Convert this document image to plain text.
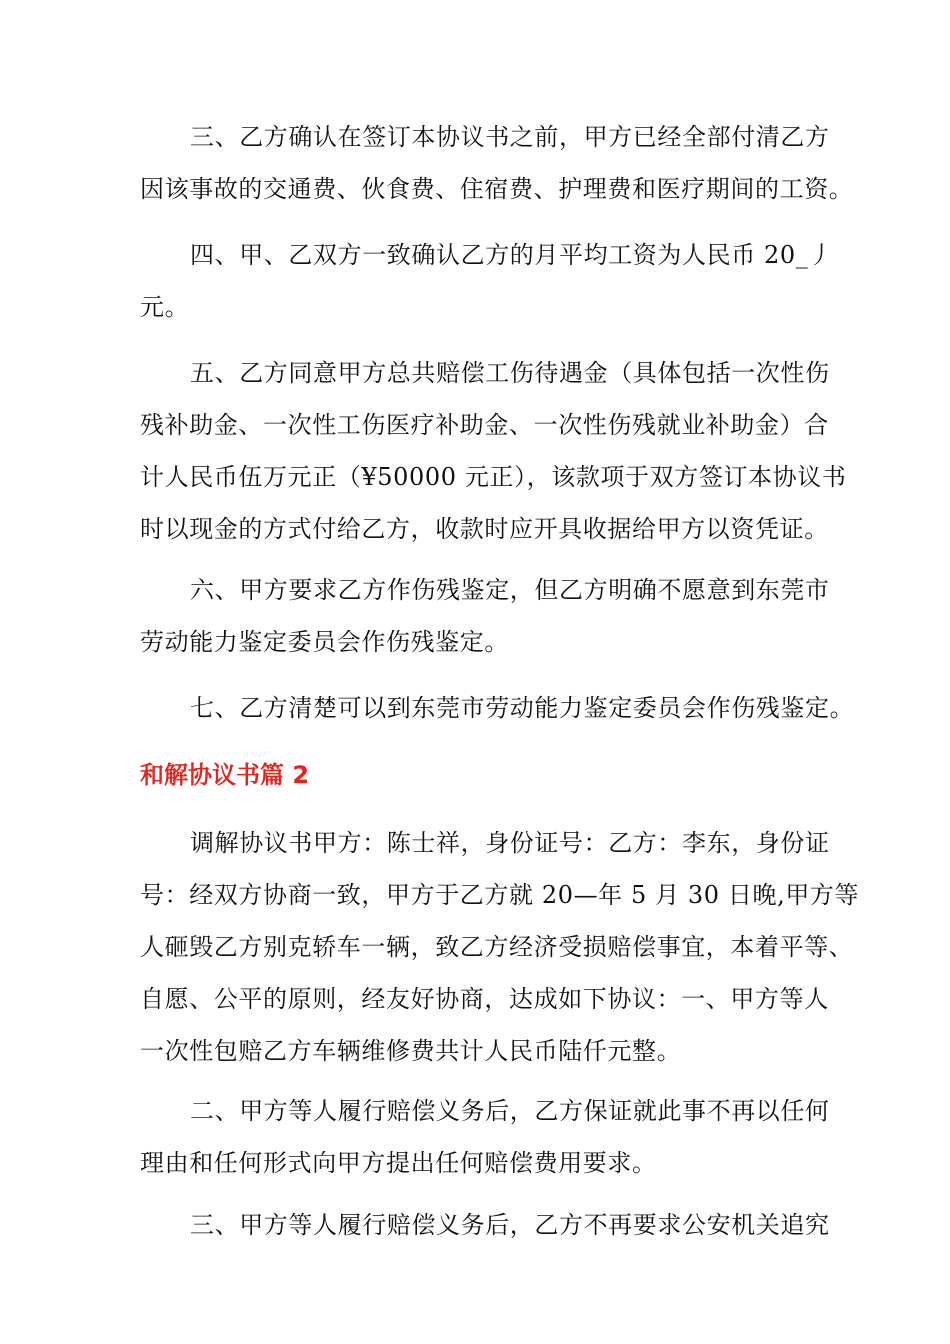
三、乙方确认在签订本协议书之前，甲方已经全部付清乙方
因该事故的交通费、伙食费、住宿费、护理费和医疗期间的工资。
四、甲、乙双方一致确认乙方的月平均工资为人民币 20_丿
元。
五、乙方同意甲方总共赔偿工伤待遇金（具体包括一次性伤
残补助金、一次性工伤医疗补助金、一次性伤残就业补助金）合
计人民币伍万元正（¥50000 元正），该款项于双方签订本协议书
时以现金的方式付给乙方，收款时应开具收据给甲方以资凭证。
六、甲方要求乙方作伤残鉴定，但乙方明确不愿意到东莞市
劳动能力鉴定委员会作伤残鉴定。
七、乙方清楚可以到东莞市劳动能力鉴定委员会作伤残鉴定。
和解协议书篇 2
调解协议书甲方：陈士祥，身份证号：乙方：李东，身份证
号：经双方协商一致，甲方于乙方就 20—年 5 月 30 日晚,甲方等
人砸毁乙方别克轿车一辆，致乙方经济受损赔偿事宜，本着平等、
自愿、公平的原则，经友好协商，达成如下协议：一、甲方等人
一次性包赔乙方车辆维修费共计人民币陆仟元整。
二、甲方等人履行赔偿义务后，乙方保证就此事不再以任何
理由和任何形式向甲方提出任何赔偿费用要求。
三、甲方等人履行赔偿义务后，乙方不再要求公安机关追究
